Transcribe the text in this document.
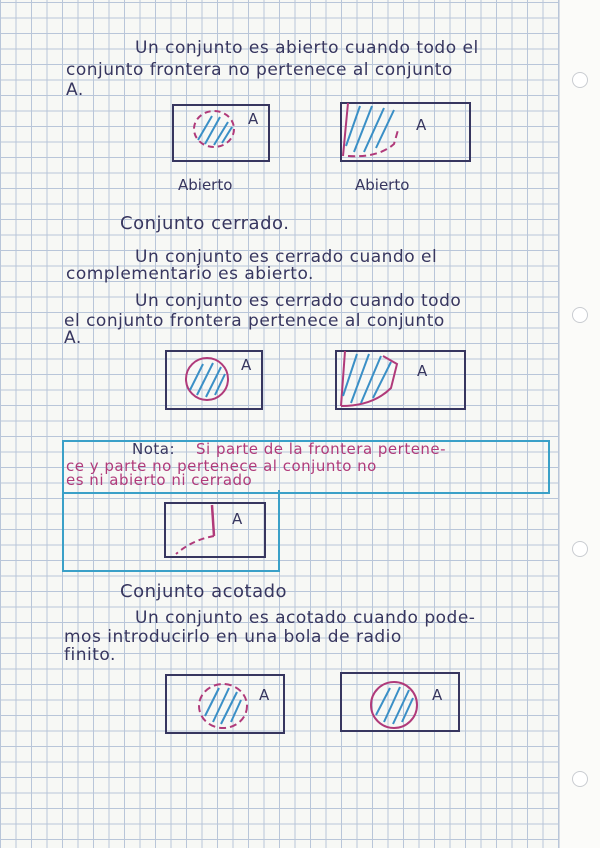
Un conjunto es abierto cuando todo el
conjunto frontera no pertenece al conjunto
A.
A	A
Abierto	Abierto
Conjunto cerrado.
Un conjunto es cerrado cuando el
complementario es abierto.
Un conjunto es cerrado cuando todo
el conjunto frontera pertenece al conjunto
A.
A	A
Nota: Si parte de la frontera pertene-
ce y parte no pertenece al conjunto no
es ni abierto ni cerrado
A
Conjunto acotado
Un conjunto es acotado cuando pode-
mos introducirlo en una bola de radio
finito.
A	A
